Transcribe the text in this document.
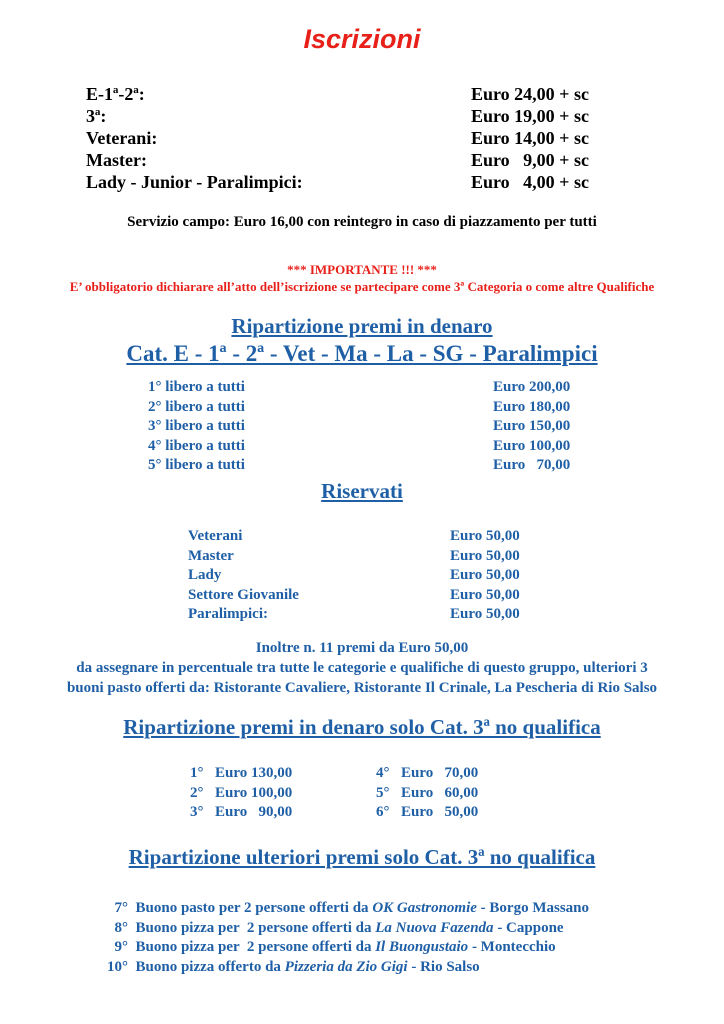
Iscrizioni
E-1ª-2ª:	Euro 24,00 + sc
3ª:	Euro 19,00 + sc
Veterani:	Euro 14,00 + sc
Master:	Euro   9,00 + sc
Lady - Junior - Paralimpici:	Euro   4,00 + sc
Servizio campo: Euro 16,00 con reintegro in caso di piazzamento per tutti
*** IMPORTANTE !!! ***
E’ obbligatorio dichiarare all’atto dell’iscrizione se partecipare come 3ª Categoria o come altre Qualifiche
Ripartizione premi in denaro
Cat. E - 1ª - 2ª - Vet - Ma - La - SG - Paralimpici
1° libero a tutti	Euro 200,00
2° libero a tutti	Euro 180,00
3° libero a tutti	Euro 150,00
4° libero a tutti	Euro 100,00
5° libero a tutti	Euro   70,00
Riservati
Veterani	Euro 50,00
Master	Euro 50,00
Lady	Euro 50,00
Settore Giovanile	Euro 50,00
Paralimpici:	Euro 50,00
Inoltre n. 11 premi da Euro 50,00
da assegnare in percentuale tra tutte le categorie e qualifiche di questo gruppo, ulteriori 3
buoni pasto offerti da: Ristorante Cavaliere, Ristorante Il Crinale, La Pescheria di Rio Salso
Ripartizione premi in denaro solo Cat. 3ª no qualifica
1° Euro 130,00
2° Euro 100,00
3° Euro   90,00
4° Euro   70,00
5° Euro   60,00
6° Euro   50,00
Ripartizione ulteriori premi solo Cat. 3ª no qualifica
7° Buono pasto per 2 persone offerti da OK Gastronomie - Borgo Massano
8° Buono pizza per  2 persone offerti da La Nuova Fazenda - Cappone
9° Buono pizza per  2 persone offerti da Il Buongustaio - Montecchio
10° Buono pizza offerto da Pizzeria da Zio Gigi - Rio Salso
